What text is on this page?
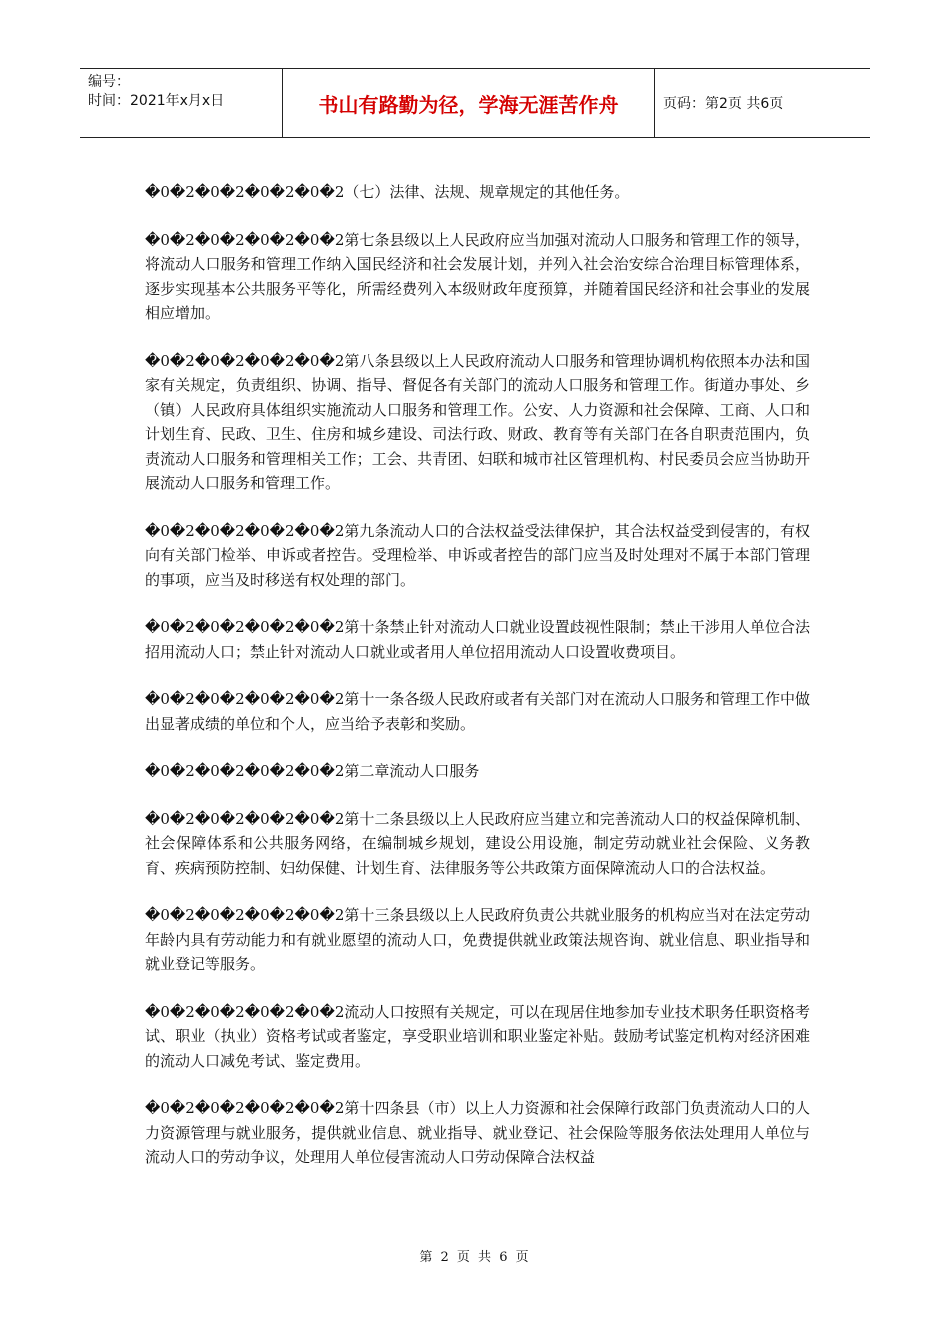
编号：
时间：2021年x月x日	书山有路勤为径，学海无涯苦作舟	页码：第2页 共6页

�0�2�0�2�0�2�0�2（七）法律、法规、规章规定的其他任务。

�0�2�0�2�0�2�0�2第七条县级以上人民政府应当加强对流动人口服务和管理工作的领导，将流动人口服务和管理工作纳入国民经济和社会发展计划，并列入社会治安综合治理目标管理体系，逐步实现基本公共服务平等化，所需经费列入本级财政年度预算，并随着国民经济和社会事业的发展相应增加。

�0�2�0�2�0�2�0�2第八条县级以上人民政府流动人口服务和管理协调机构依照本办法和国家有关规定，负责组织、协调、指导、督促各有关部门的流动人口服务和管理工作。街道办事处、乡（镇）人民政府具体组织实施流动人口服务和管理工作。公安、人力资源和社会保障、工商、人口和计划生育、民政、卫生、住房和城乡建设、司法行政、财政、教育等有关部门在各自职责范围内，负责流动人口服务和管理相关工作；工会、共青团、妇联和城市社区管理机构、村民委员会应当协助开展流动人口服务和管理工作。

�0�2�0�2�0�2�0�2第九条流动人口的合法权益受法律保护，其合法权益受到侵害的，有权向有关部门检举、申诉或者控告。受理检举、申诉或者控告的部门应当及时处理对不属于本部门管理的事项，应当及时移送有权处理的部门。

�0�2�0�2�0�2�0�2第十条禁止针对流动人口就业设置歧视性限制；禁止干涉用人单位合法招用流动人口；禁止针对流动人口就业或者用人单位招用流动人口设置收费项目。

�0�2�0�2�0�2�0�2第十一条各级人民政府或者有关部门对在流动人口服务和管理工作中做出显著成绩的单位和个人，应当给予表彰和奖励。

�0�2�0�2�0�2�0�2第二章流动人口服务

�0�2�0�2�0�2�0�2第十二条县级以上人民政府应当建立和完善流动人口的权益保障机制、社会保障体系和公共服务网络，在编制城乡规划，建设公用设施，制定劳动就业社会保险、义务教育、疾病预防控制、妇幼保健、计划生育、法律服务等公共政策方面保障流动人口的合法权益。

�0�2�0�2�0�2�0�2第十三条县级以上人民政府负责公共就业服务的机构应当对在法定劳动年龄内具有劳动能力和有就业愿望的流动人口，免费提供就业政策法规咨询、就业信息、职业指导和就业登记等服务。

�0�2�0�2�0�2�0�2流动人口按照有关规定，可以在现居住地参加专业技术职务任职资格考试、职业（执业）资格考试或者鉴定，享受职业培训和职业鉴定补贴。鼓励考试鉴定机构对经济困难的流动人口减免考试、鉴定费用。

�0�2�0�2�0�2�0�2第十四条县（市）以上人力资源和社会保障行政部门负责流动人口的人力资源管理与就业服务，提供就业信息、就业指导、就业登记、社会保险等服务依法处理用人单位与流动人口的劳动争议，处理用人单位侵害流动人口劳动保障合法权益

第 2 页 共 6 页
